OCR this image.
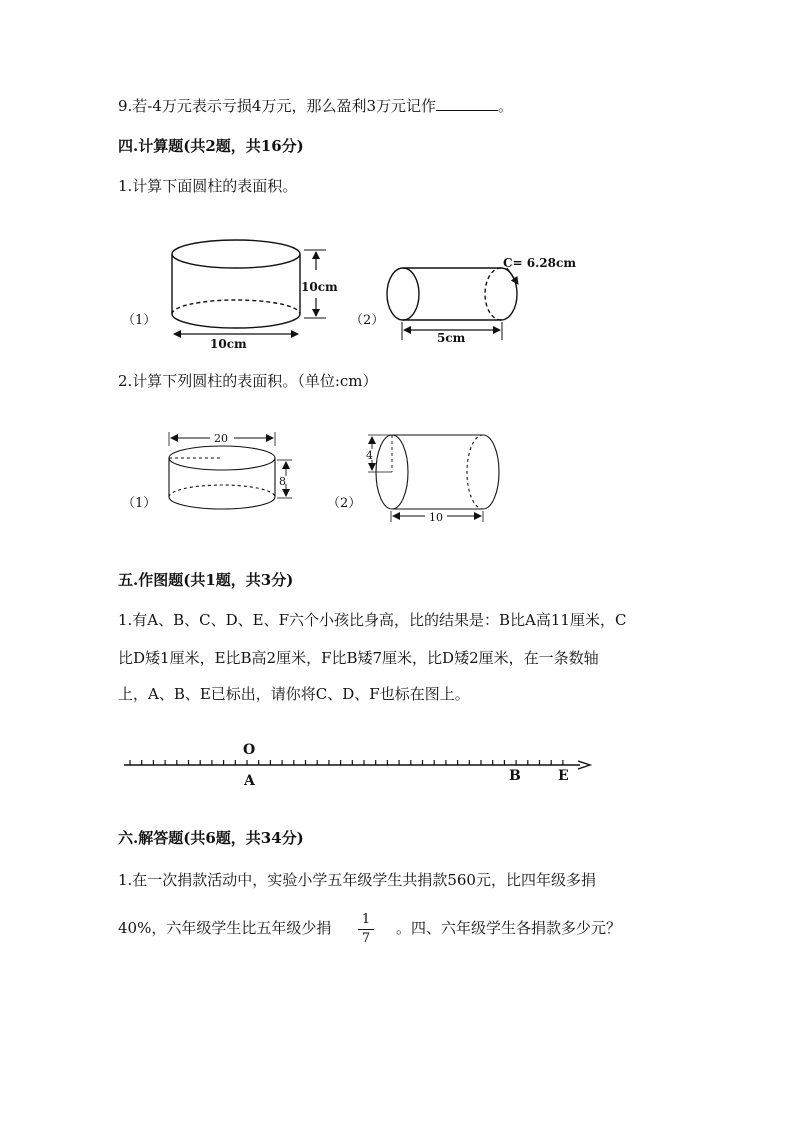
9.若-4万元表示亏损4万元，那么盈利3万元记作	。
四.计算题(共2题，共16分)
1.计算下面圆柱的表面积。
（1）
10cm
10cm
（2）
C= 6.28cm
5cm
（1）
20
8
（2）
4
10
O
A	B	E
2.计算下列圆柱的表面积。（单位:cm）
五.作图题(共1题，共3分)
1.有A、B、C、D、E、F六个小孩比身高，比的结果是：B比A高11厘米，C
比D矮1厘米，E比B高2厘米，F比B矮7厘米，比D矮2厘米，在一条数轴
上，A、B、E已标出，请你将C、D、F也标在图上。
六.解答题(共6题，共34分)
1.在一次捐款活动中，实验小学五年级学生共捐款560元，比四年级多捐
40%，六年级学生比五年级少捐 1
7
。四、六年级学生各捐款多少元？
